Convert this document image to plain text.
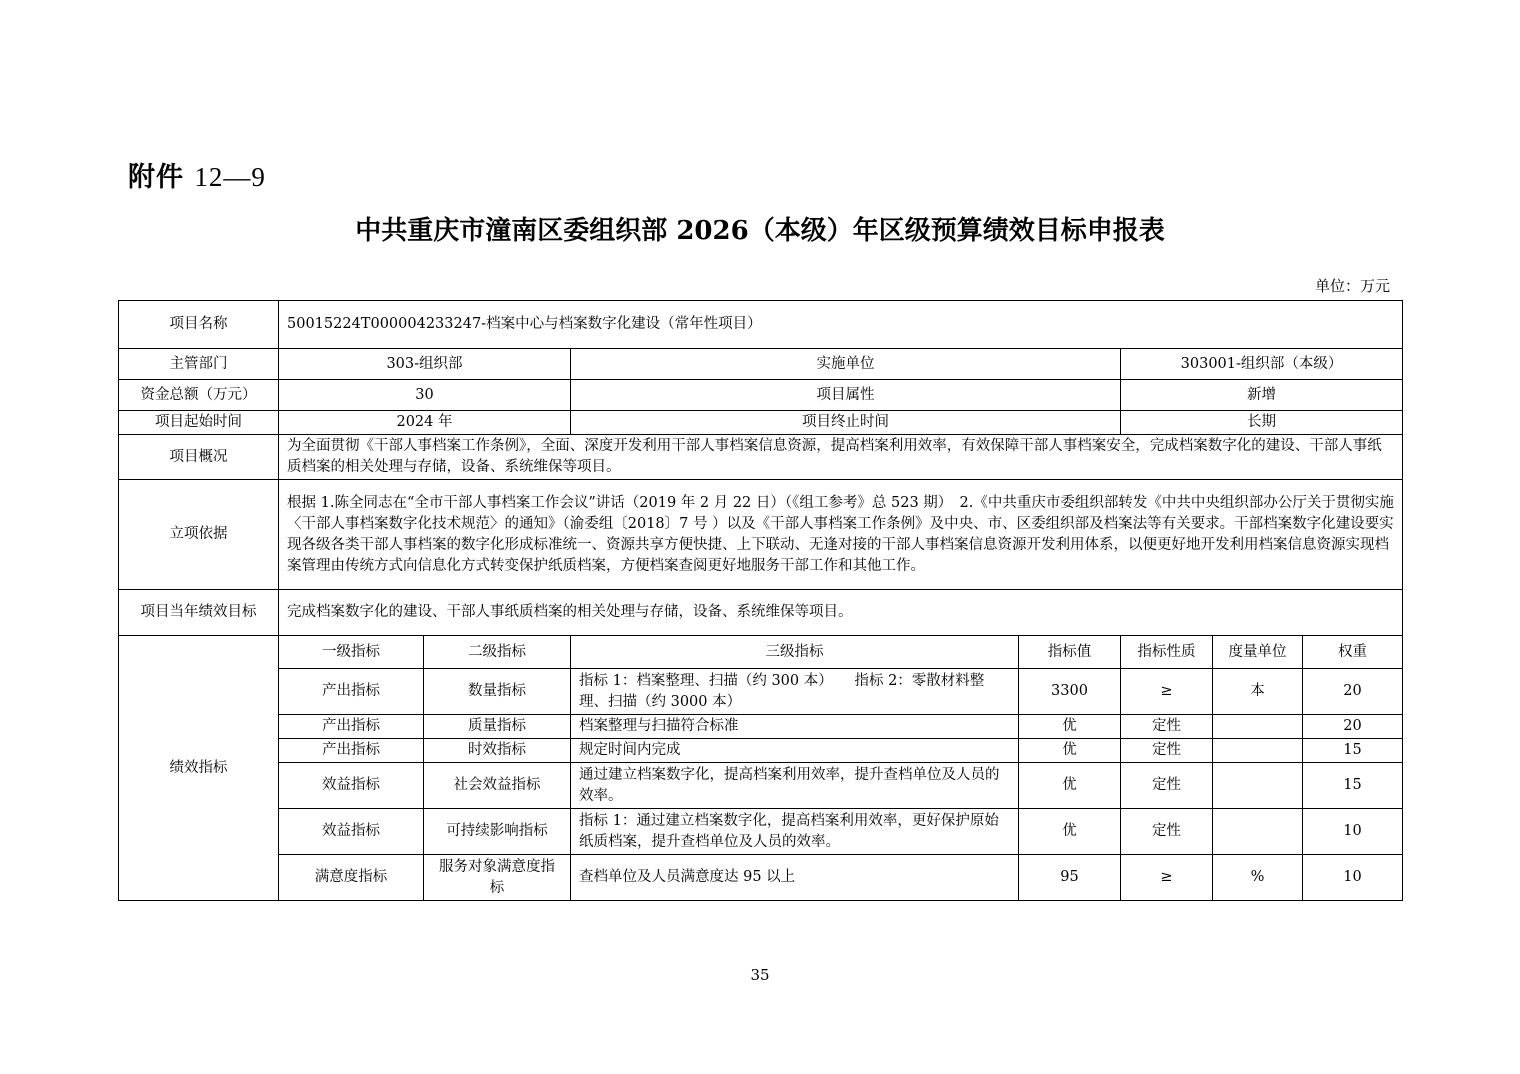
附件 12—9
中共重庆市潼南区委组织部 2026（本级）年区级预算绩效目标申报表
单位：万元
项目名称	50015224T000004233247-档案中心与档案数字化建设（常年性项目）						
主管部门	303-组织部		实施单位		303001-组织部（本级）		
资金总额（万元）	30		项目属性		新增		
项目起始时间	2024 年		项目终止时间		长期		
项目概况	为全面贯彻《干部人事档案工作条例》，全面、深度开发利用干部人事档案信息资源，提高档案利用效率，有效保障干部人事档案安全，完成档案数字化的建设、干部人事纸质档案的相关处理与存储，设备、系统维保等项目。						
立项依据	根据 1.陈全同志在“全市干部人事档案工作会议”讲话（2019 年 2 月 22 日）（《组工参考》总 523 期）　2.《中共重庆市委组织部转发《中共中央组织部办公厅关于贯彻实施〈干部人事档案数字化技术规范〉的通知》（渝委组〔2018〕7 号 ）以及《干部人事档案工作条例》及中央、市、区委组织部及档案法等有关要求。干部档案数字化建设要实现各级各类干部人事档案的数字化形成标准统一、资源共享方便快捷、上下联动、无逢对接的干部人事档案信息资源开发利用体系，以便更好地开发利用档案信息资源实现档案管理由传统方式向信息化方式转变保护纸质档案，方便档案查阅更好地服务干部工作和其他工作。						
项目当年绩效目标	完成档案数字化的建设、干部人事纸质档案的相关处理与存储，设备、系统维保等项目。						
绩效指标	一级指标	二级指标	三级指标	指标值	指标性质	度量单位	权重
	产出指标	数量指标	指标 1：档案整理、扫描（约 300 本）　　指标 2：零散材料整理、扫描（约 3000 本）	3300	≥	本	20
	产出指标	质量指标	档案整理与扫描符合标准	优	定性		20
	产出指标	时效指标	规定时间内完成	优	定性		15
	效益指标	社会效益指标	通过建立档案数字化，提高档案利用效率，提升查档单位及人员的效率。	优	定性		15
	效益指标	可持续影响指标	指标 1：通过建立档案数字化，提高档案利用效率，更好保护原始纸质档案，提升查档单位及人员的效率。	优	定性		10
	满意度指标	服务对象满意度指标	查档单位及人员满意度达 95 以上	95	≥	%	10
35
